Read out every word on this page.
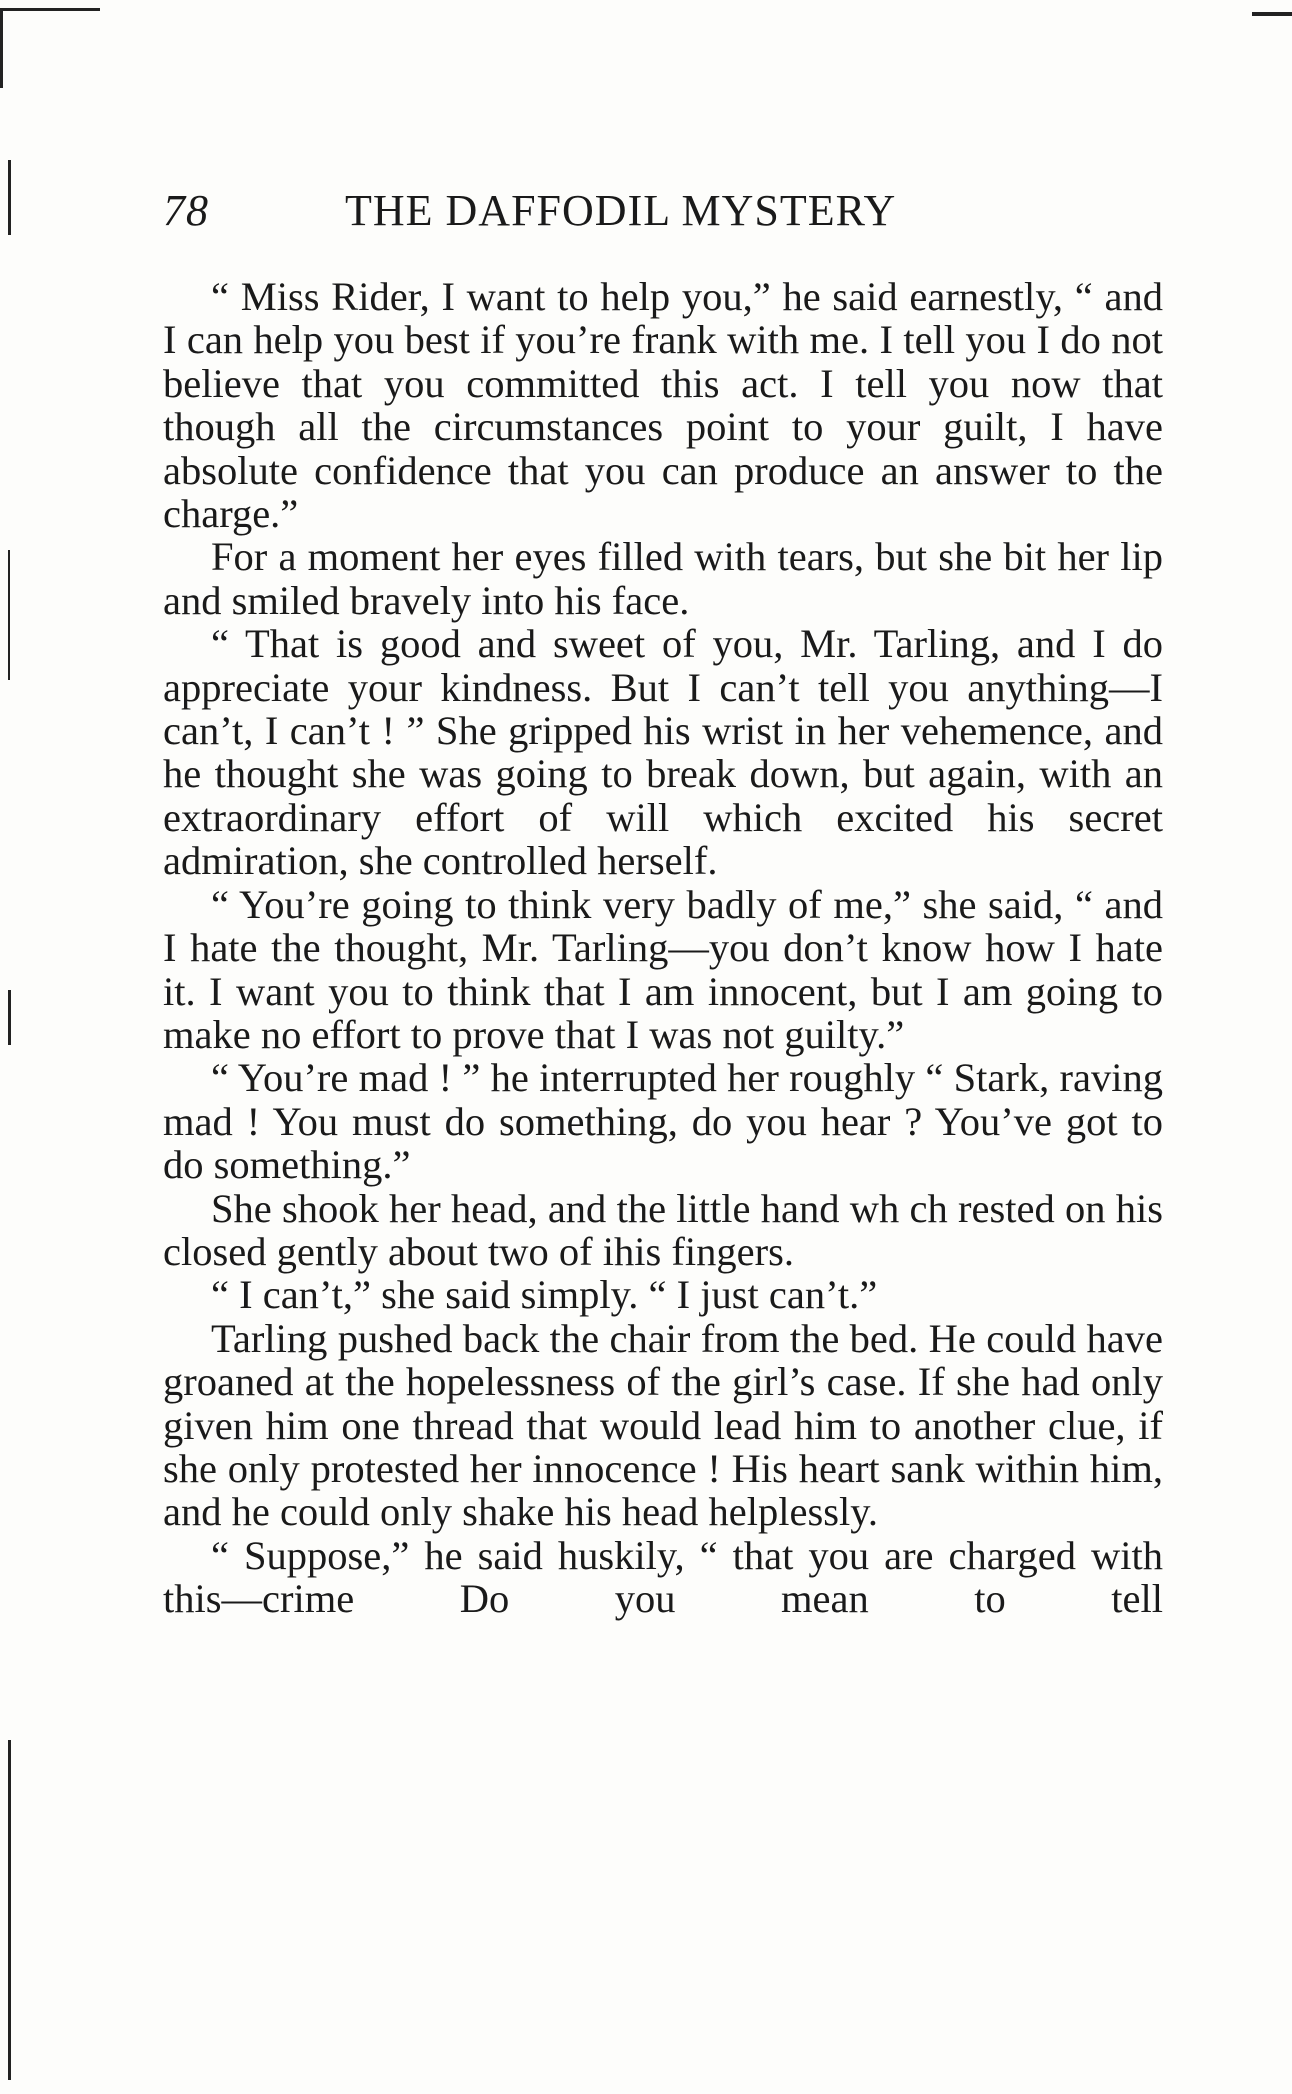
78	THE DAFFODIL MYSTERY

“ Miss Rider, I want to help you,” he said earnestly, “ and I can help you best if you’re frank with me. I tell you I do not believe that you committed this act. I tell you now that though all the circumstances point to your guilt, I have absolute confidence that you can produce an answer to the charge.”

For a moment her eyes filled with tears, but she bit her lip and smiled bravely into his face.

“ That is good and sweet of you, Mr. Tarling, and I do appreciate your kindness. But I can’t tell you anything—I can’t, I can’t ! ” She gripped his wrist in her vehemence, and he thought she was going to break down, but again, with an extraordinary effort of will which excited his secret admiration, she controlled herself.

“ You’re going to think very badly of me,” she said, “ and I hate the thought, Mr. Tarling—you don’t know how I hate it. I want you to think that I am innocent, but I am going to make no effort to prove that I was not guilty.”

“ You’re mad ! ” he interrupted her roughly “ Stark, raving mad ! You must do something, do you hear ? You’ve got to do something.”

She shook her head, and the little hand wh ch rested on his closed gently about two of ihis fingers.

“ I can’t,” she said simply. “ I just can’t.”

Tarling pushed back the chair from the bed. He could have groaned at the hopelessness of the girl’s case. If she had only given him one thread that would lead him to another clue, if she only protested her innocence ! His heart sank within him, and he could only shake his head helplessly.

“ Suppose,” he said huskily, “ that you are charged with this—crime Do you mean to tell
